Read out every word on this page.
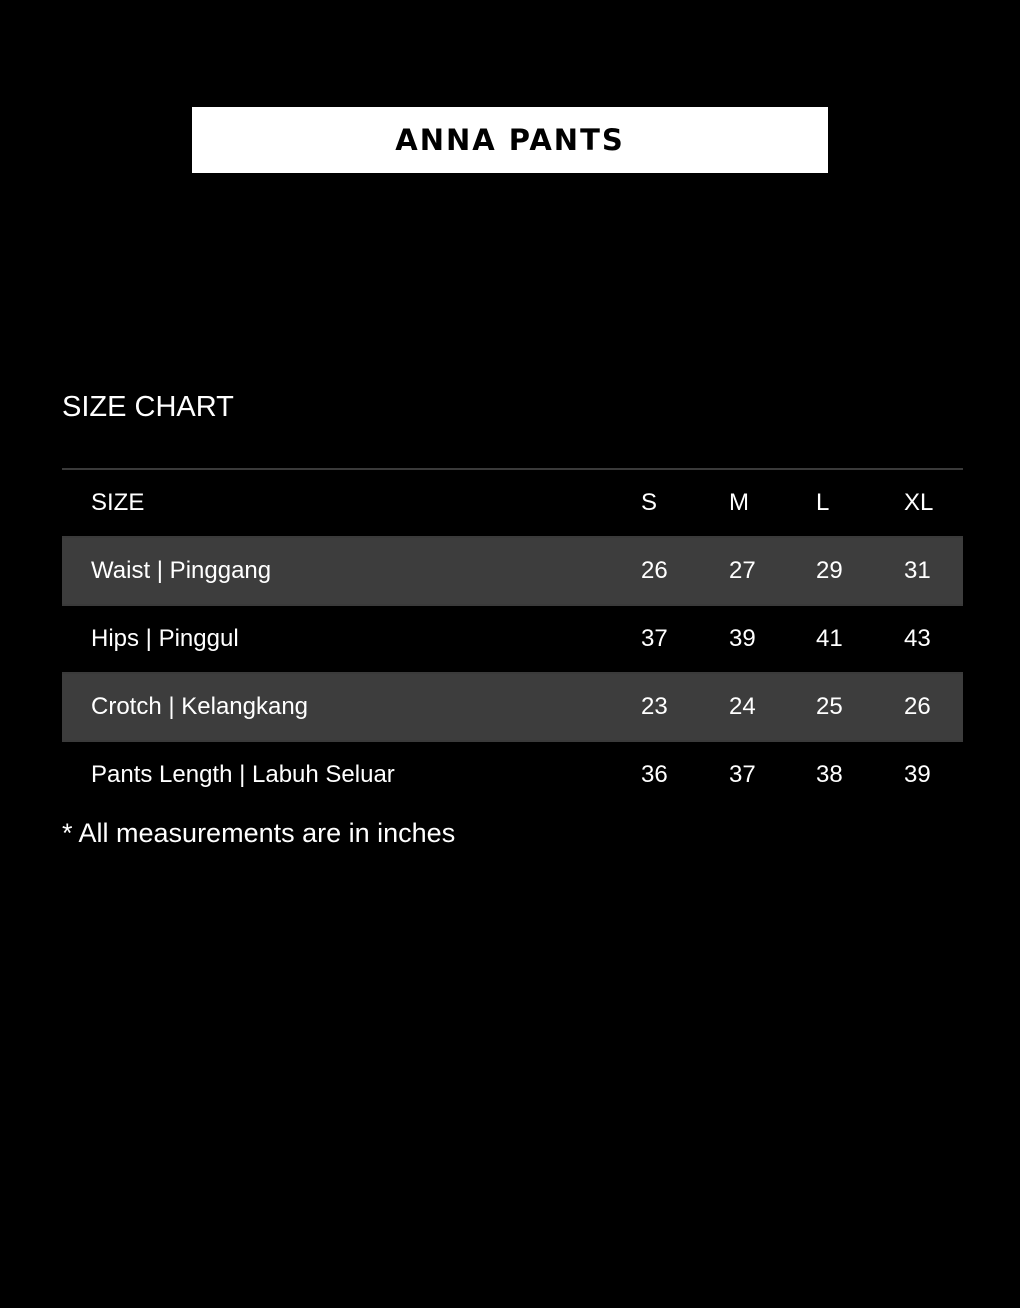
ANNA PANTS
SIZE CHART
SIZE	S	M	L	XL
Waist | Pinggang	26	27	29	31
Hips | Pinggul	37	39	41	43
Crotch | Kelangkang	23	24	25	26
Pants Length | Labuh Seluar	36	37	38	39

* All measurements are in inches
